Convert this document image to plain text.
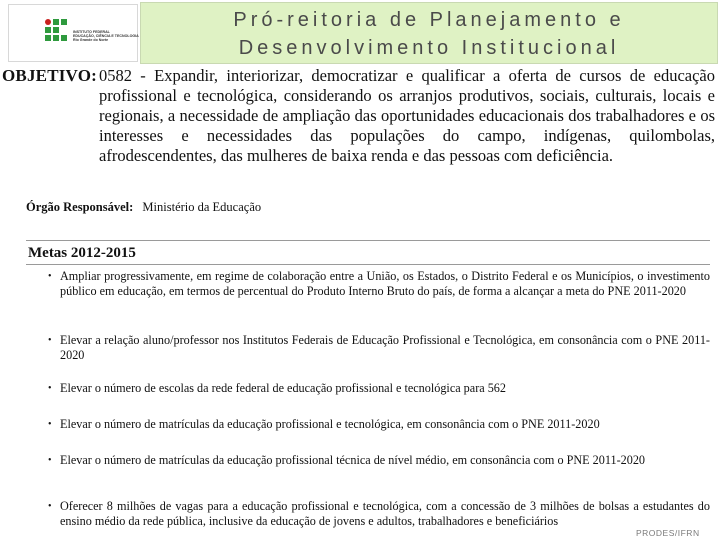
INSTITUTO FEDERAL
EDUCAÇÃO, CIÊNCIA E TECNOLOGIA
Rio Grande do Norte
Pró-reitoria de Planejamento e
Desenvolvimento Institucional
OBJETIVO: 0582 - Expandir, interiorizar, democratizar e qualificar a oferta de cursos de educação profissional e tecnológica, considerando os arranjos produtivos, sociais, culturais, locais e regionais, a necessidade de ampliação das oportunidades educacionais dos trabalhadores e os interesses e necessidades das populações do campo, indígenas, quilombolas, afrodescendentes, das mulheres de baixa renda e das pessoas com deficiência.
Órgão Responsável: Ministério da Educação
Metas 2012-2015
• Ampliar progressivamente, em regime de colaboração entre a União, os Estados, o Distrito Federal e os Municípios, o investimento público em educação, em termos de percentual do Produto Interno Bruto do país, de forma a alcançar a meta do PNE 2011-2020
• Elevar a relação aluno/professor nos Institutos Federais de Educação Profissional e Tecnológica, em consonância com o PNE 2011-2020
• Elevar o número de escolas da rede federal de educação profissional e tecnológica para 562
• Elevar o número de matrículas da educação profissional e tecnológica, em consonância com o PNE 2011-2020
• Elevar o número de matrículas da educação profissional técnica de nível médio, em consonância com o PNE 2011-2020
• Oferecer 8 milhões de vagas para a educação profissional e tecnológica, com a concessão de 3 milhões de bolsas a estudantes do ensino médio da rede pública, inclusive da educação de jovens e adultos, trabalhadores e beneficiários
PRODES/IFRN
